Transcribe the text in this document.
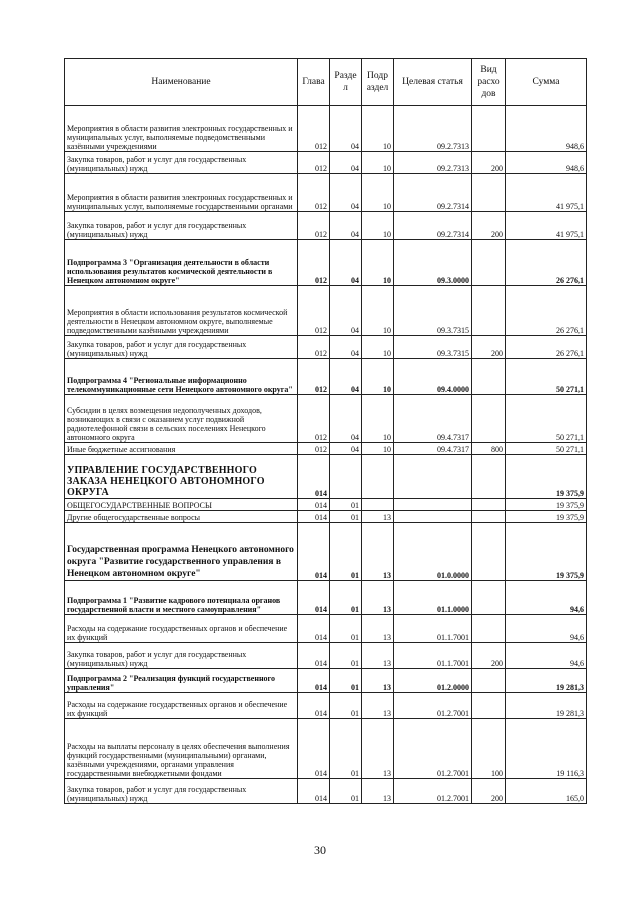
Наименование	Глава	Разде л	Подр аздел	Целевая статья	Вид расхо дов	Сумма
Мероприятия в области развития электронных государственных и муниципальных услуг, выполняемые подведомственными казёнными учреждениями	012	04	10	09.2.7313		948,6
Закупка товаров, работ и услуг для государственных (муниципальных) нужд	012	04	10	09.2.7313	200	948,6
Мероприятия в области развития электронных государственных и муниципальных услуг, выполняемые государственными органами	012	04	10	09.2.7314		41 975,1
Закупка товаров, работ и услуг для государственных (муниципальных) нужд	012	04	10	09.2.7314	200	41 975,1
Подпрограмма 3 "Организация деятельности в области использования результатов космической деятельности в Ненецком автономном округе"	012	04	10	09.3.0000		26 276,1
Мероприятия в области использования результатов космической деятельности в Ненецком автономном округе, выполняемые подведомственными казёнными учреждениями	012	04	10	09.3.7315		26 276,1
Закупка товаров, работ и услуг для государственных (муниципальных) нужд	012	04	10	09.3.7315	200	26 276,1
Подпрограмма 4 "Региональные информационно телекоммуникационные сети Ненецкого автономного округа"	012	04	10	09.4.0000		50 271,1
Субсидии в целях возмещения недополученных доходов, возникающих в связи с оказанием услуг подвижной радиотелефонной связи в сельских поселениях Ненецкого автономного округа	012	04	10	09.4.7317		50 271,1
Иные бюджетные ассигнования	012	04	10	09.4.7317	800	50 271,1
УПРАВЛЕНИЕ ГОСУДАРСТВЕННОГО ЗАКАЗА НЕНЕЦКОГО АВТОНОМНОГО ОКРУГА	014					19 375,9
ОБЩЕГОСУДАРСТВЕННЫЕ ВОПРОСЫ	014	01				19 375,9
Другие общегосударственные вопросы	014	01	13			19 375,9
Государственная программа Ненецкого автономного округа "Развитие государственного управления в Ненецком автономном округе"	014	01	13	01.0.0000		19 375,9
Подпрограмма 1 "Развитие кадрового потенциала органов государственной власти и местного самоуправления"	014	01	13	01.1.0000		94,6
Расходы на содержание государственных органов и обеспечение их функций	014	01	13	01.1.7001		94,6
Закупка товаров, работ и услуг для государственных (муниципальных) нужд	014	01	13	01.1.7001	200	94,6
Подпрограмма 2 "Реализация функций государственного управления"	014	01	13	01.2.0000		19 281,3
Расходы на содержание государственных органов и обеспечение их функций	014	01	13	01.2.7001		19 281,3
Расходы на выплаты персоналу в целях обеспечения выполнения функций государственными (муниципальными) органами, казёнными учреждениями, органами управления государственными внебюджетными фондами	014	01	13	01.2.7001	100	19 116,3
Закупка товаров, работ и услуг для государственных (муниципальных) нужд	014	01	13	01.2.7001	200	165,0
30
